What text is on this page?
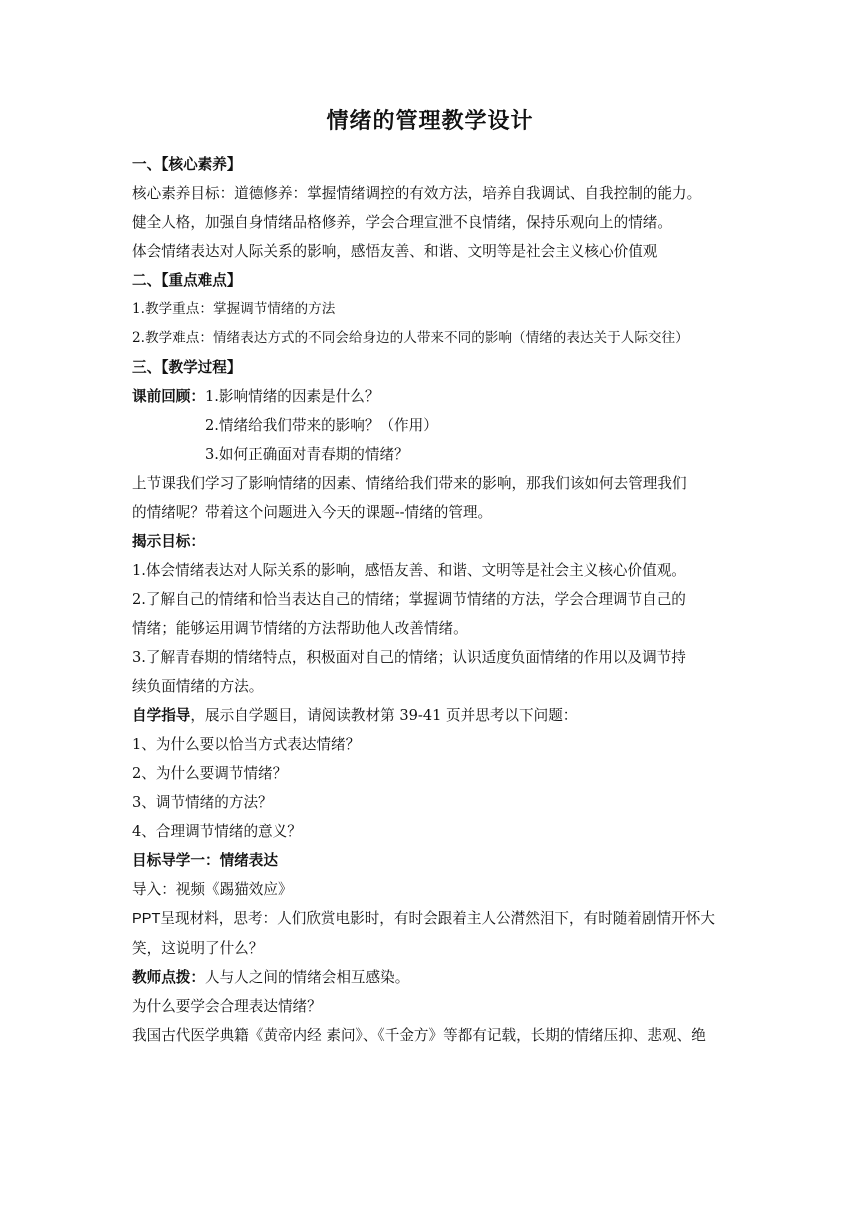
情绪的管理教学设计
一、【核心素养】
核心素养目标：道德修养：掌握情绪调控的有效方法，培养自我调试、自我控制的能力。
健全人格，加强自身情绪品格修养，学会合理宣泄不良情绪，保持乐观向上的情绪。
体会情绪表达对人际关系的影响，感悟友善、和谐、文明等是社会主义核心价值观
二、【重点难点】
1.教学重点：掌握调节情绪的方法
2.教学难点：情绪表达方式的不同会给身边的人带来不同的影响（情绪的表达关于人际交往）
三、【教学过程】
课前回顾：1.影响情绪的因素是什么？
2.情绪给我们带来的影响？（作用）
3.如何正确面对青春期的情绪？
上节课我们学习了影响情绪的因素、情绪给我们带来的影响，那我们该如何去管理我们
的情绪呢？带着这个问题进入今天的课题--情绪的管理。
揭示目标：
1.体会情绪表达对人际关系的影响，感悟友善、和谐、文明等是社会主义核心价值观。
2.了解自己的情绪和恰当表达自己的情绪；掌握调节情绪的方法，学会合理调节自己的
情绪；能够运用调节情绪的方法帮助他人改善情绪。
3.了解青春期的情绪特点，积极面对自己的情绪；认识适度负面情绪的作用以及调节持
续负面情绪的方法。
自学指导，展示自学题目，请阅读教材第 39-41 页并思考以下问题：
1、为什么要以恰当方式表达情绪？
2、为什么要调节情绪？
3、调节情绪的方法？
4、合理调节情绪的意义？
目标导学一：情绪表达
导入：视频《踢猫效应》
PPT呈现材料，思考：人们欣赏电影时，有时会跟着主人公潸然泪下，有时随着剧情开怀大
笑，这说明了什么？
教师点拨：人与人之间的情绪会相互感染。
为什么要学会合理表达情绪？
我国古代医学典籍《黄帝内经 素问》、《千金方》等都有记载，长期的情绪压抑、悲观、绝
